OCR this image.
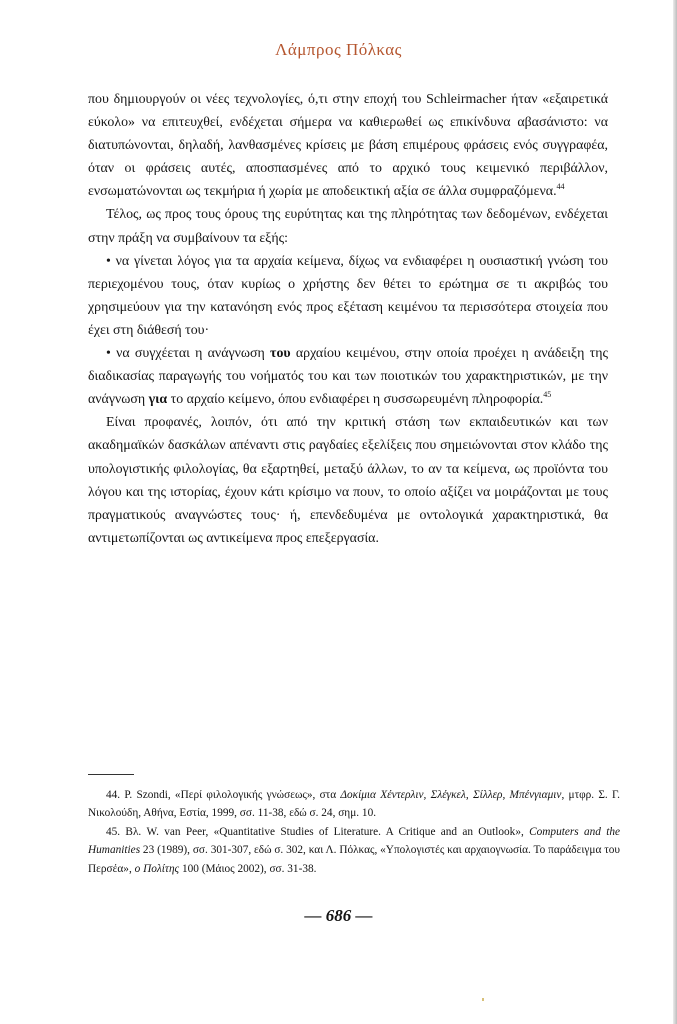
Λάμπρος Πόλκας

που δημιουργούν οι νέες τεχνολογίες, ό,τι στην εποχή του Schleirmacher ήταν «εξαιρετικά εύκολο» να επιτευχθεί, ενδέχεται σήμερα να καθιερωθεί ως επικίνδυνα αβασάνιστο: να διατυπώνονται, δηλαδή, λανθασμένες κρίσεις με βάση επιμέρους φράσεις ενός συγγραφέα, όταν οι φράσεις αυτές, αποσπασμένες από το αρχικό τους κειμενικό περιβάλλον, ενσωματώνονται ως τεκμήρια ή χωρία με αποδεικτική αξία σε άλλα συμφραζόμενα.$^{44}$

Τέλος, ως προς τους όρους της ευρύτητας και της πληρότητας των δεδομένων, ενδέχεται στην πράξη να συμβαίνουν τα εξής:

• να γίνεται λόγος για τα αρχαία κείμενα, δίχως να ενδιαφέρει η ουσιαστική γνώση του περιεχομένου τους, όταν κυρίως ο χρήστης δεν θέτει το ερώτημα σε τι ακριβώς του χρησιμεύουν για την κατανόηση ενός προς εξέταση κειμένου τα περισσότερα στοιχεία που έχει στη διάθεσή του·

• να συγχέεται η ανάγνωση του αρχαίου κειμένου, στην οποία προέχει η ανάδειξη της διαδικασίας παραγωγής του νοήματός του και των ποιοτικών του χαρακτηριστικών, με την ανάγνωση για το αρχαίο κείμενο, όπου ενδιαφέρει η συσσωρευμένη πληροφορία.$^{45}$

Είναι προφανές, λοιπόν, ότι από την κριτική στάση των εκπαιδευτικών και των ακαδημαϊκών δασκάλων απέναντι στις ραγδαίες εξελίξεις που σημειώνονται στον κλάδο της υπολογιστικής φιλολογίας, θα εξαρτηθεί, μεταξύ άλλων, το αν τα κείμενα, ως προϊόντα του λόγου και της ιστορίας, έχουν κάτι κρίσιμο να πουν, το οποίο αξίζει να μοιράζονται με τους πραγματικούς αναγνώστες τους· ή, επενδεδυμένα με οντολογικά χαρακτηριστικά, θα αντιμετωπίζονται ως αντικείμενα προς επεξεργασία.

44. P. Szondi, «Περί φιλολογικής γνώσεως», στα Δοκίμια Χέντερλιν, Σλέγκελ, Σίλλερ, Μπένγιαμιν, μτφρ. Σ. Γ. Νικολούδη, Αθήνα, Εστία, 1999, σσ. 11-38, εδώ σ. 24, σημ. 10.

45. Βλ. W. van Peer, «Quantitative Studies of Literature. A Critique and an Outlook», Computers and the Humanities 23 (1989), σσ. 301-307, εδώ σ. 302, και Λ. Πόλκας, «Υπολογιστές και αρχαιογνωσία. Το παράδειγμα του Περσέα», ο Πολίτης 100 (Μάιος 2002), σσ. 31-38.

— 686 —
